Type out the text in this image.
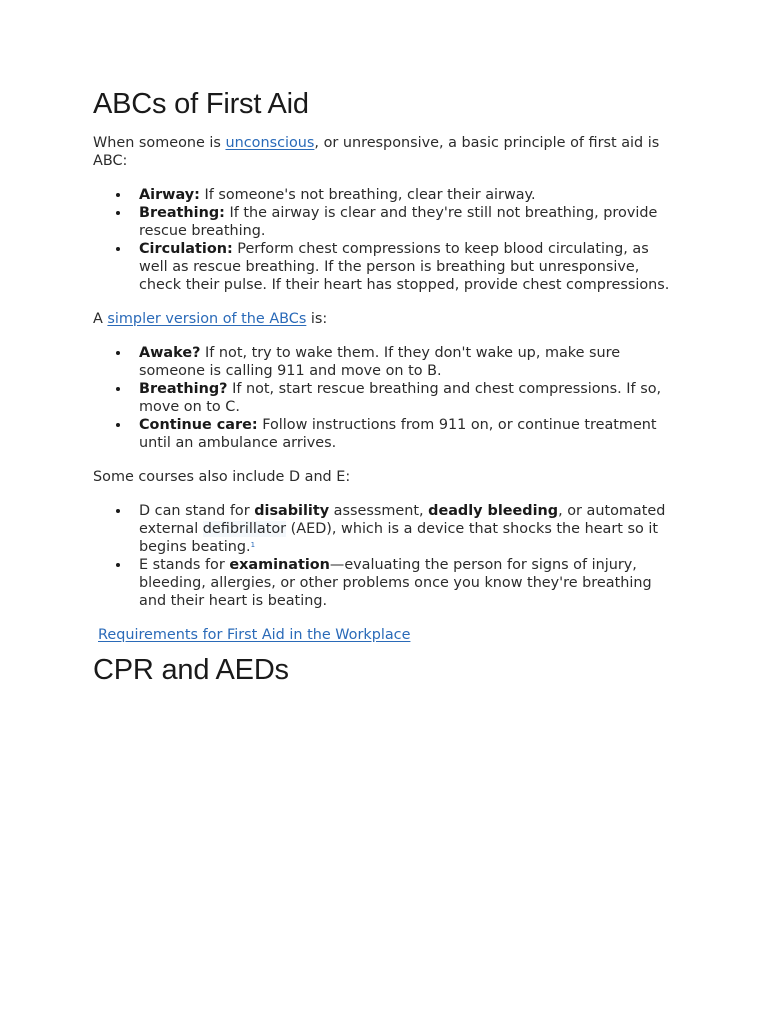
ABCs of First Aid

When someone is unconscious, or unresponsive, a basic principle of first aid is ABC:

Airway: If someone's not breathing, clear their airway.
Breathing: If the airway is clear and they're still not breathing, provide rescue breathing.
Circulation: Perform chest compressions to keep blood circulating, as well as rescue breathing. If the person is breathing but unresponsive, check their pulse. If their heart has stopped, provide chest compressions.

A simpler version of the ABCs is:

Awake? If not, try to wake them. If they don't wake up, make sure someone is calling 911 and move on to B.
Breathing? If not, start rescue breathing and chest compressions. If so, move on to C.
Continue care: Follow instructions from 911 on, or continue treatment until an ambulance arrives.

Some courses also include D and E:

D can stand for disability assessment, deadly bleeding, or automated external defibrillator (AED), which is a device that shocks the heart so it begins beating.$^1$
E stands for examination—evaluating the person for signs of injury, bleeding, allergies, or other problems once you know they're breathing and their heart is beating.

Requirements for First Aid in the Workplace

CPR and AEDs
